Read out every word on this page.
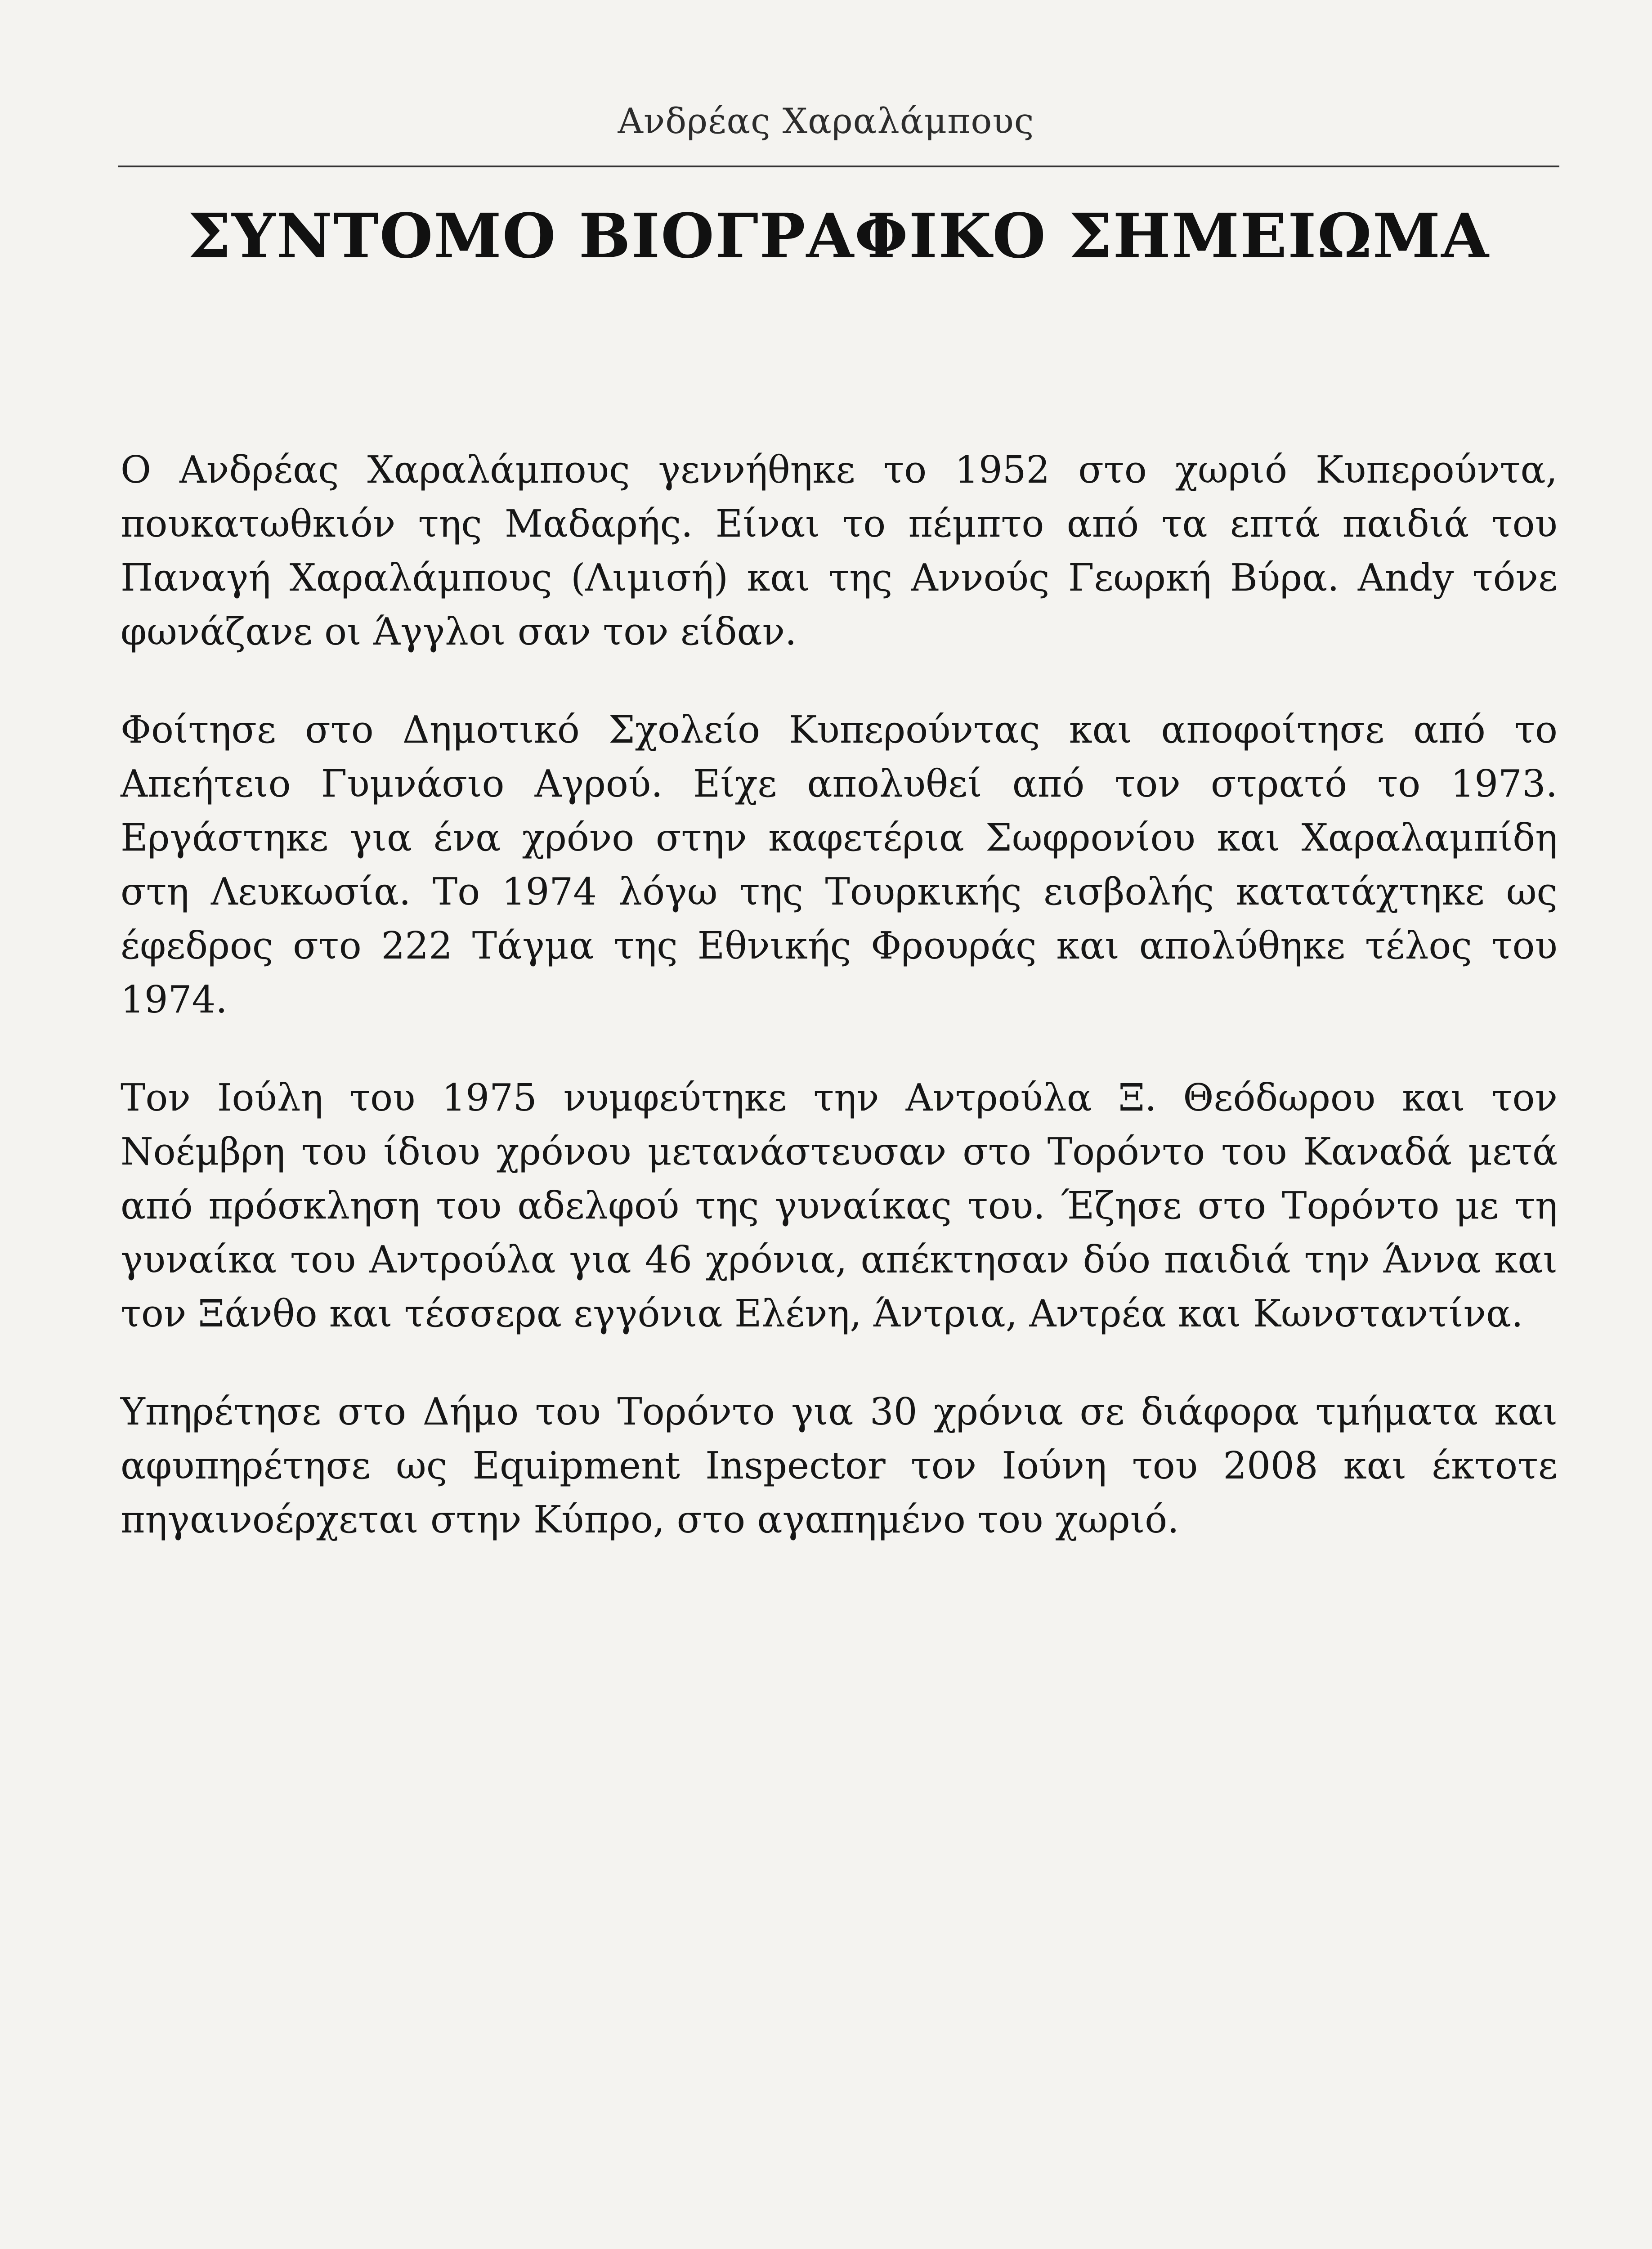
Ανδρέας Χαραλάμπους
ΣΥΝΤΟΜΟ ΒΙΟΓΡΑΦΙΚΟ ΣΗΜΕΙΩΜΑ

Ο Ανδρέας Χαραλάμπους γεννήθηκε το 1952 στο χωριό Κυπερούντα, πουκατωθκιόν της Μαδαρής. Είναι το πέμπτο από τα επτά παιδιά του Παναγή Χαραλάμπους (Λιμισή) και της Αννούς Γεωρκή Βύρα. Andy τόνε φωνάζανε οι Άγγλοι σαν τον είδαν.

Φοίτησε στο Δημοτικό Σχολείο Κυπερούντας και αποφοίτησε από το Απεήτειο Γυμνάσιο Αγρού. Είχε απολυθεί από τον στρατό το 1973. Εργάστηκε για ένα χρόνο στην καφετέρια Σωφρονίου και Χαραλαμπίδη στη Λευκωσία. Το 1974 λόγω της Τουρκικής εισβολής κατατάχτηκε ως έφεδρος στο 222 Τάγμα της Εθνικής Φρουράς και απολύθηκε τέλος του 1974.

Τον Ιούλη του 1975 νυμφεύτηκε την Αντρούλα Ξ. Θεόδωρου και τον Νοέμβρη του ίδιου χρόνου μετανάστευσαν στο Τορόντο του Καναδά μετά από πρόσκληση του αδελφού της γυναίκας του. Έζησε στο Τορόντο με τη γυναίκα του Αντρούλα για 46 χρόνια, απέκτησαν δύο παιδιά την Άννα και τον Ξάνθο και τέσσερα εγγόνια Ελένη, Άντρια, Αντρέα και Κωνσταντίνα.

Υπηρέτησε στο Δήμο του Τορόντο για 30 χρόνια σε διάφορα τμήματα και αφυπηρέτησε ως Equipment Inspector τον Ιούνη του 2008 και έκτοτε πηγαινοέρχεται στην Κύπρο, στο αγαπημένο του χωριό.
